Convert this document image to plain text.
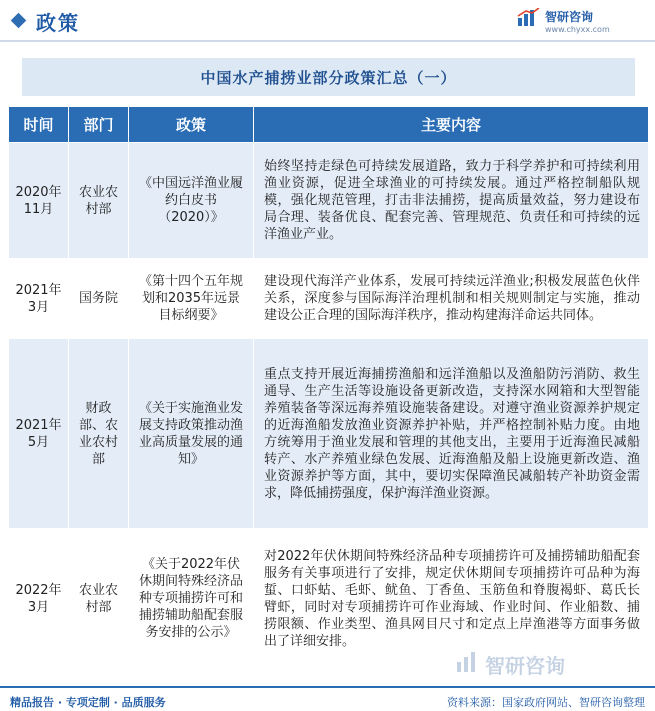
政策	智研咨询
www.chyxx.com
中国水产捕捞业部分政策汇总（一）
时间	部门	政策	主要内容
2020年11月	农业农村部	《中国远洋渔业履约白皮书（2020）》	始终坚持走绿色可持续发展道路，致力于科学养护和可持续利用渔业资源，促进全球渔业的可持续发展。通过严格控制船队规模，强化规范管理，打击非法捕捞，提高质量效益，努力建设布局合理、装备优良、配套完善、管理规范、负责任和可持续的远洋渔业产业。
2021年3月	国务院	《第十四个五年规划和2035年远景目标纲要》	建设现代海洋产业体系，发展可持续远洋渔业;积极发展蓝色伙伴关系，深度参与国际海洋治理机制和相关规则制定与实施，推动建设公正合理的国际海洋秩序，推动构建海洋命运共同体。
2021年5月	财政部、农业农村部	《关于实施渔业发展支持政策推动渔业高质量发展的通知》	重点支持开展近海捕捞渔船和远洋渔船以及渔船防污消防、救生通导、生产生活等设施设备更新改造，支持深水网箱和大型智能养殖装备等深远海养殖设施装备建设。对遵守渔业资源养护规定的近海渔船发放渔业资源养护补贴，并严格控制补贴力度。由地方统筹用于渔业发展和管理的其他支出，主要用于近海渔民减船转产、水产养殖业绿色发展、近海渔船及船上设施更新改造、渔业资源养护等方面，其中，要切实保障渔民减船转产补助资金需求，降低捕捞强度，保护海洋渔业资源。
2022年3月	农业农村部	《关于2022年伏休期间特殊经济品种专项捕捞许可和捕捞辅助船配套服务安排的公示》	对2022年伏休期间特殊经济品种专项捕捞许可及捕捞辅助船配套服务有关事项进行了安排，规定伏休期间专项捕捞许可品种为海蜇、口虾蛄、毛虾、鱿鱼、丁香鱼、玉筋鱼和脊腹褐虾、葛氏长臂虾，同时对专项捕捞许可作业海域、作业时间、作业船数、捕捞限额、作业类型、渔具网目尺寸和定点上岸渔港等方面事务做出了详细安排。
智研咨询
精品报告 · 专项定制 · 品质服务	资料来源：国家政府网站、智研咨询整理
